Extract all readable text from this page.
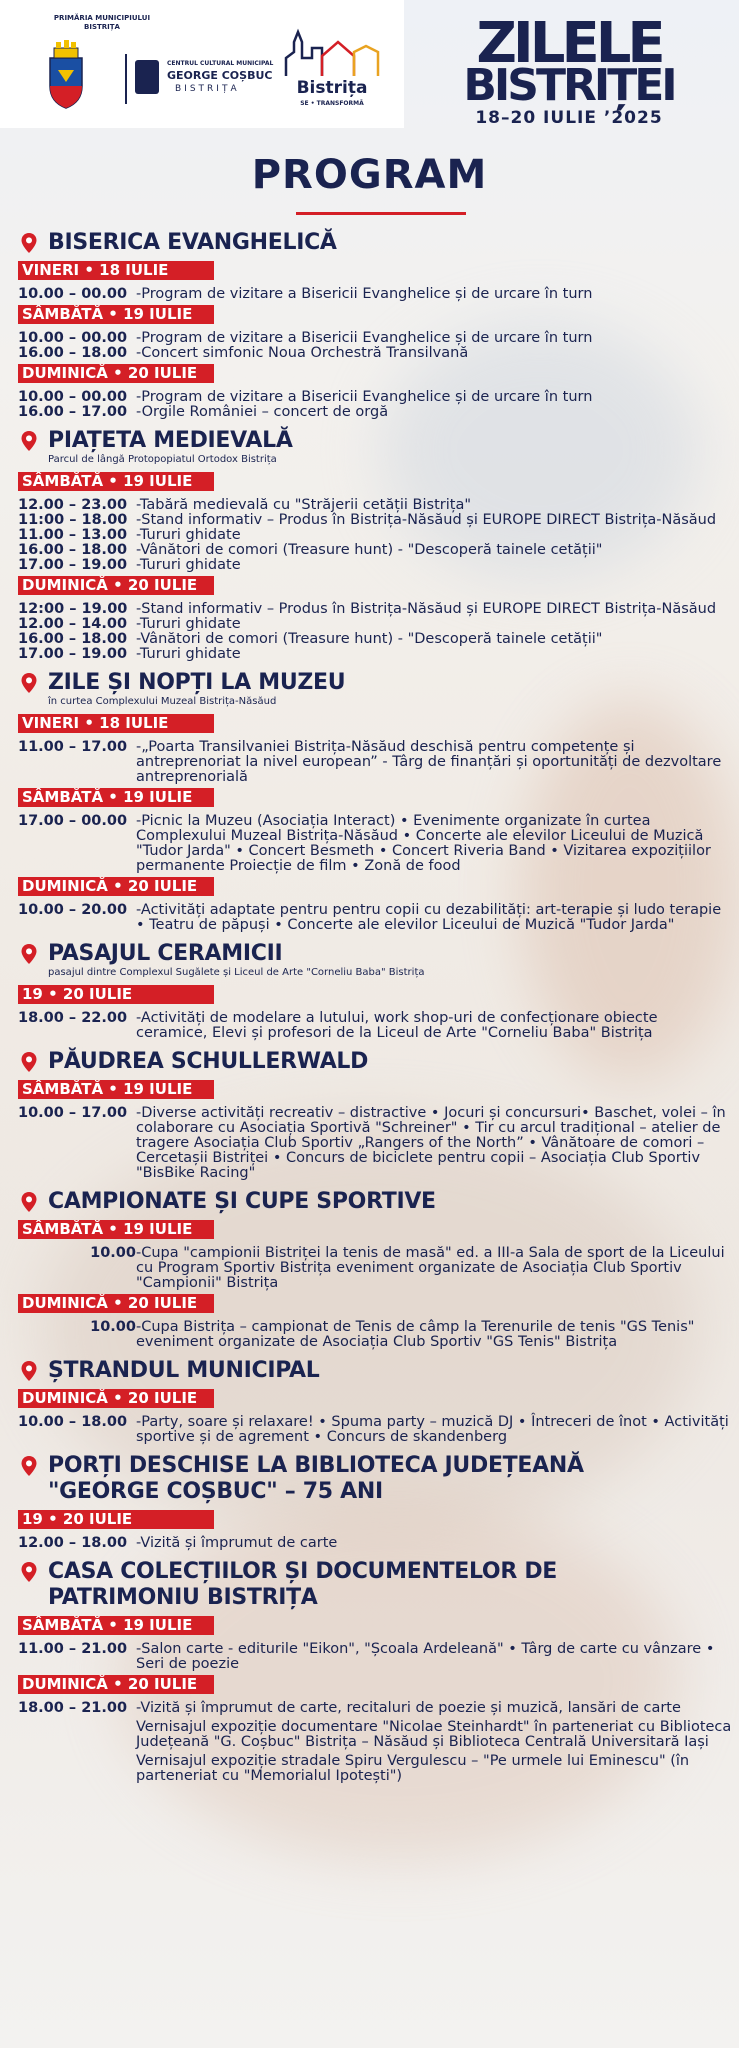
PRIMĂRIA MUNICIPIULUI BISTRIȚA
CENTRUL CULTURAL MUNICIPAL
GEORGE COȘBUC
BISTRIȚA	Bistrița
SE • TRANSFORMĂ
ZILELE
BISTRIȚEI
18–20 IULIE ’2025
PROGRAM
BISERICA EVANGHELICĂ
VINERI • 18 IULIE
10.00 – 00.00 - Program de vizitare a Bisericii Evanghelice și de urcare în turn
SÂMBĂTĂ • 19 IULIE
10.00 – 00.00 - Program de vizitare a Bisericii Evanghelice și de urcare în turn
16.00 – 18.00 - Concert simfonic Noua Orchestră Transilvană
DUMINICĂ • 20 IULIE
10.00 – 00.00 - Program de vizitare a Bisericii Evanghelice și de urcare în turn
16.00 – 17.00	- Orgile României – concert de orgă
PIAȚETA MEDIEVALĂ
Parcul de lângă Protopopiatul Ortodox Bistrița
SÂMBĂTĂ • 19 IULIE
12.00 – 23.00 - Tabără medievală cu "Străjerii cetății Bistrița"
11:00 – 18.00 - Stand informativ – Produs în Bistrița-Năsăud și EUROPE DIRECT Bistrița-Năsăud
11.00 – 13.00 - Tururi ghidate
16.00 – 18.00 - Vânători de comori (Treasure hunt) - "Descoperă tainele cetății"
17.00 – 19.00 - Tururi ghidate
DUMINICĂ • 20 IULIE
12:00 – 19.00 - Stand informativ – Produs în Bistrița-Năsăud și EUROPE DIRECT Bistrița-Năsăud
12.00 – 14.00 - Tururi ghidate
16.00 – 18.00 - Vânători de comori (Treasure hunt) - "Descoperă tainele cetății"
17.00 – 19.00 - Tururi ghidate
ZILE ȘI NOPȚI LA MUZEU
în curtea Complexului Muzeal Bistrița-Năsăud
VINERI • 18 IULIE
11.00 – 17.00 - „Poarta Transilvaniei Bistrița-Năsăud deschisă pentru competențe și antreprenoriat la nivel european” - Târg de finanțări și oportunități de dezvoltare antreprenorială
SÂMBĂTĂ • 19 IULIE
17.00 – 00.00 - Picnic la Muzeu (Asociația Interact) • Evenimente organizate în curtea Complexului Muzeal Bistrița-Năsăud • Concerte ale elevilor Liceului de Muzică "Tudor Jarda" • Concert Besmeth • Concert Riveria Band • Vizitarea expozițiilor permanente Proiecție de film • Zonă de food
DUMINICĂ • 20 IULIE
10.00 – 20.00 - Activități adaptate pentru pentru copii cu dezabilități: art-terapie și ludo terapie • Teatru de păpuși • Concerte ale elevilor Liceului de Muzică "Tudor Jarda"
PASAJUL CERAMICII
pasajul dintre Complexul Sugălete și Liceul de Arte "Corneliu Baba" Bistrița
19 • 20 IULIE
18.00 – 22.00 - Activități de modelare a lutului, work shop-uri de confecționare obiecte ceramice, Elevi și profesori de la Liceul de Arte "Corneliu Baba" Bistrița
PĂUDREA SCHULLERWALD
SÂMBĂTĂ • 19 IULIE
10.00 – 17.00 - Diverse activități recreativ – distractive • Jocuri și concursuri• Baschet, volei – în colaborare cu Asociația Sportivă "Schreiner" • Tir cu arcul tradițional – atelier de tragere Asociația Club Sportiv „Rangers of the North” • Vânătoare de comori – Cercetașii Bistriței • Concurs de biciclete pentru copii – Asociația Club Sportiv "BisBike Racing"
CAMPIONATE ȘI CUPE SPORTIVE
SÂMBĂTĂ • 19 IULIE
10.00 - Cupa "campionii Bistriței la tenis de masă" ed. a III-a Sala de sport de la Liceului cu Program Sportiv Bistrița eveniment organizate de Asociația Club Sportiv "Campionii" Bistrița
DUMINICĂ • 20 IULIE
10.00 - Cupa Bistrița – campionat de Tenis de câmp la Terenurile de tenis "GS Tenis" eveniment organizate de Asociația Club Sportiv "GS Tenis" Bistrița
ȘTRANDUL MUNICIPAL
DUMINICĂ • 20 IULIE
10.00 – 18.00 - Party, soare și relaxare! • Spuma party – muzică DJ • Întreceri de înot • Activități sportive și de agrement • Concurs de skandenberg
PORȚI DESCHISE LA BIBLIOTECA JUDEȚEANĂ "GEORGE COȘBUC" – 75 ANI
19 • 20 IULIE
12.00 – 18.00 - Vizită și împrumut de carte
CASA COLECȚIILOR ȘI DOCUMENTELOR DE PATRIMONIU BISTRIȚA
SÂMBĂTĂ • 19 IULIE
11.00 – 21.00 - Salon carte - editurile "Eikon", "Școala Ardeleană" • Târg de carte cu vânzare • Seri de poezie
DUMINICĂ • 20 IULIE
18.00 – 21.00 - Vizită și împrumut de carte, recitaluri de poezie și muzică, lansări de carte
Vernisajul expoziție documentare "Nicolae Steinhardt" în parteneriat cu Biblioteca Județeană "G. Coșbuc" Bistrița – Năsăud și Biblioteca Centrală Universitară Iași
Vernisajul expoziție stradale Spiru Vergulescu – "Pe urmele lui Eminescu" (în parteneriat cu "Memorialul Ipotești")
